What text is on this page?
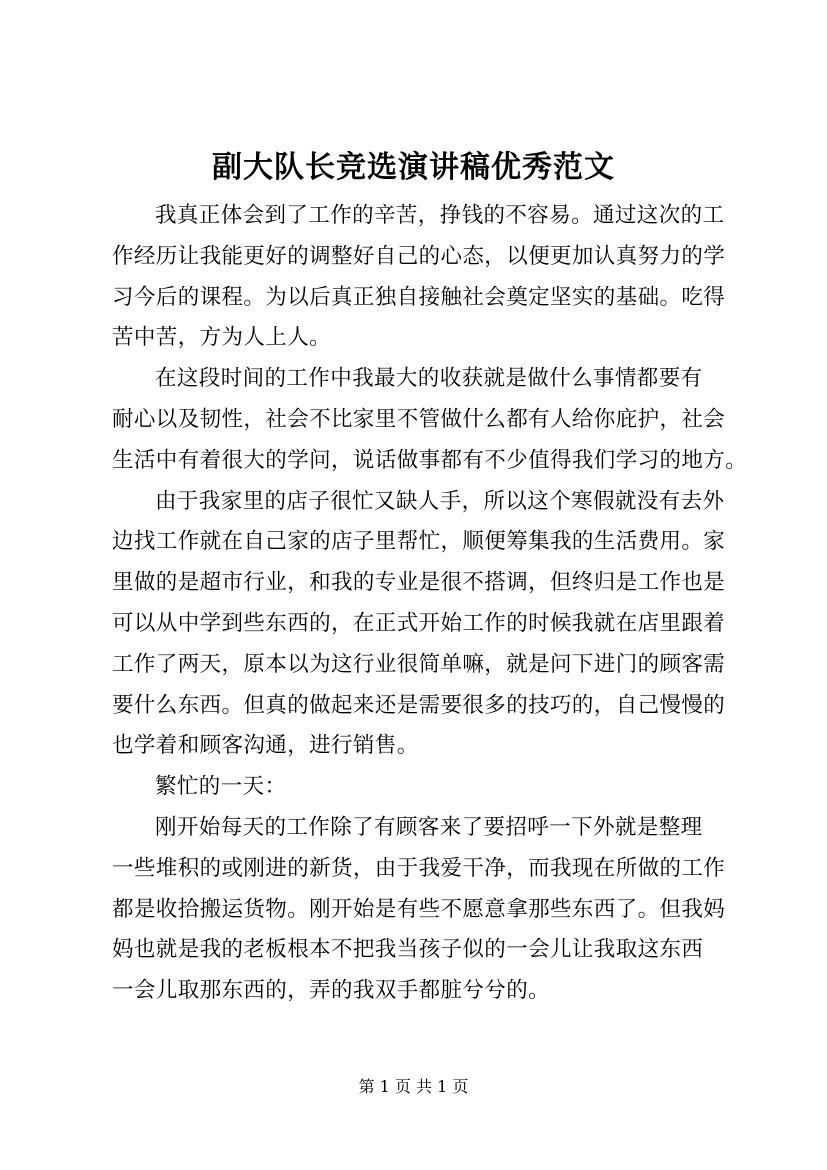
副大队长竞选演讲稿优秀范文
我真正体会到了工作的辛苦，挣钱的不容易。通过这次的工
作经历让我能更好的调整好自己的心态，以便更加认真努力的学
习今后的课程。为以后真正独自接触社会奠定坚实的基础。吃得
苦中苦，方为人上人。
在这段时间的工作中我最大的收获就是做什么事情都要有
耐心以及韧性，社会不比家里不管做什么都有人给你庇护，社会
生活中有着很大的学问，说话做事都有不少值得我们学习的地方。
由于我家里的店子很忙又缺人手，所以这个寒假就没有去外
边找工作就在自己家的店子里帮忙，顺便筹集我的生活费用。家
里做的是超市行业，和我的专业是很不搭调，但终归是工作也是
可以从中学到些东西的，在正式开始工作的时候我就在店里跟着
工作了两天，原本以为这行业很简单嘛，就是问下进门的顾客需
要什么东西。但真的做起来还是需要很多的技巧的，自己慢慢的
也学着和顾客沟通，进行销售。
繁忙的一天：
刚开始每天的工作除了有顾客来了要招呼一下外就是整理
一些堆积的或刚进的新货，由于我爱干净，而我现在所做的工作
都是收拾搬运货物。刚开始是有些不愿意拿那些东西了。但我妈
妈也就是我的老板根本不把我当孩子似的一会儿让我取这东西
一会儿取那东西的，弄的我双手都脏兮兮的。
第 1 页 共 1 页
